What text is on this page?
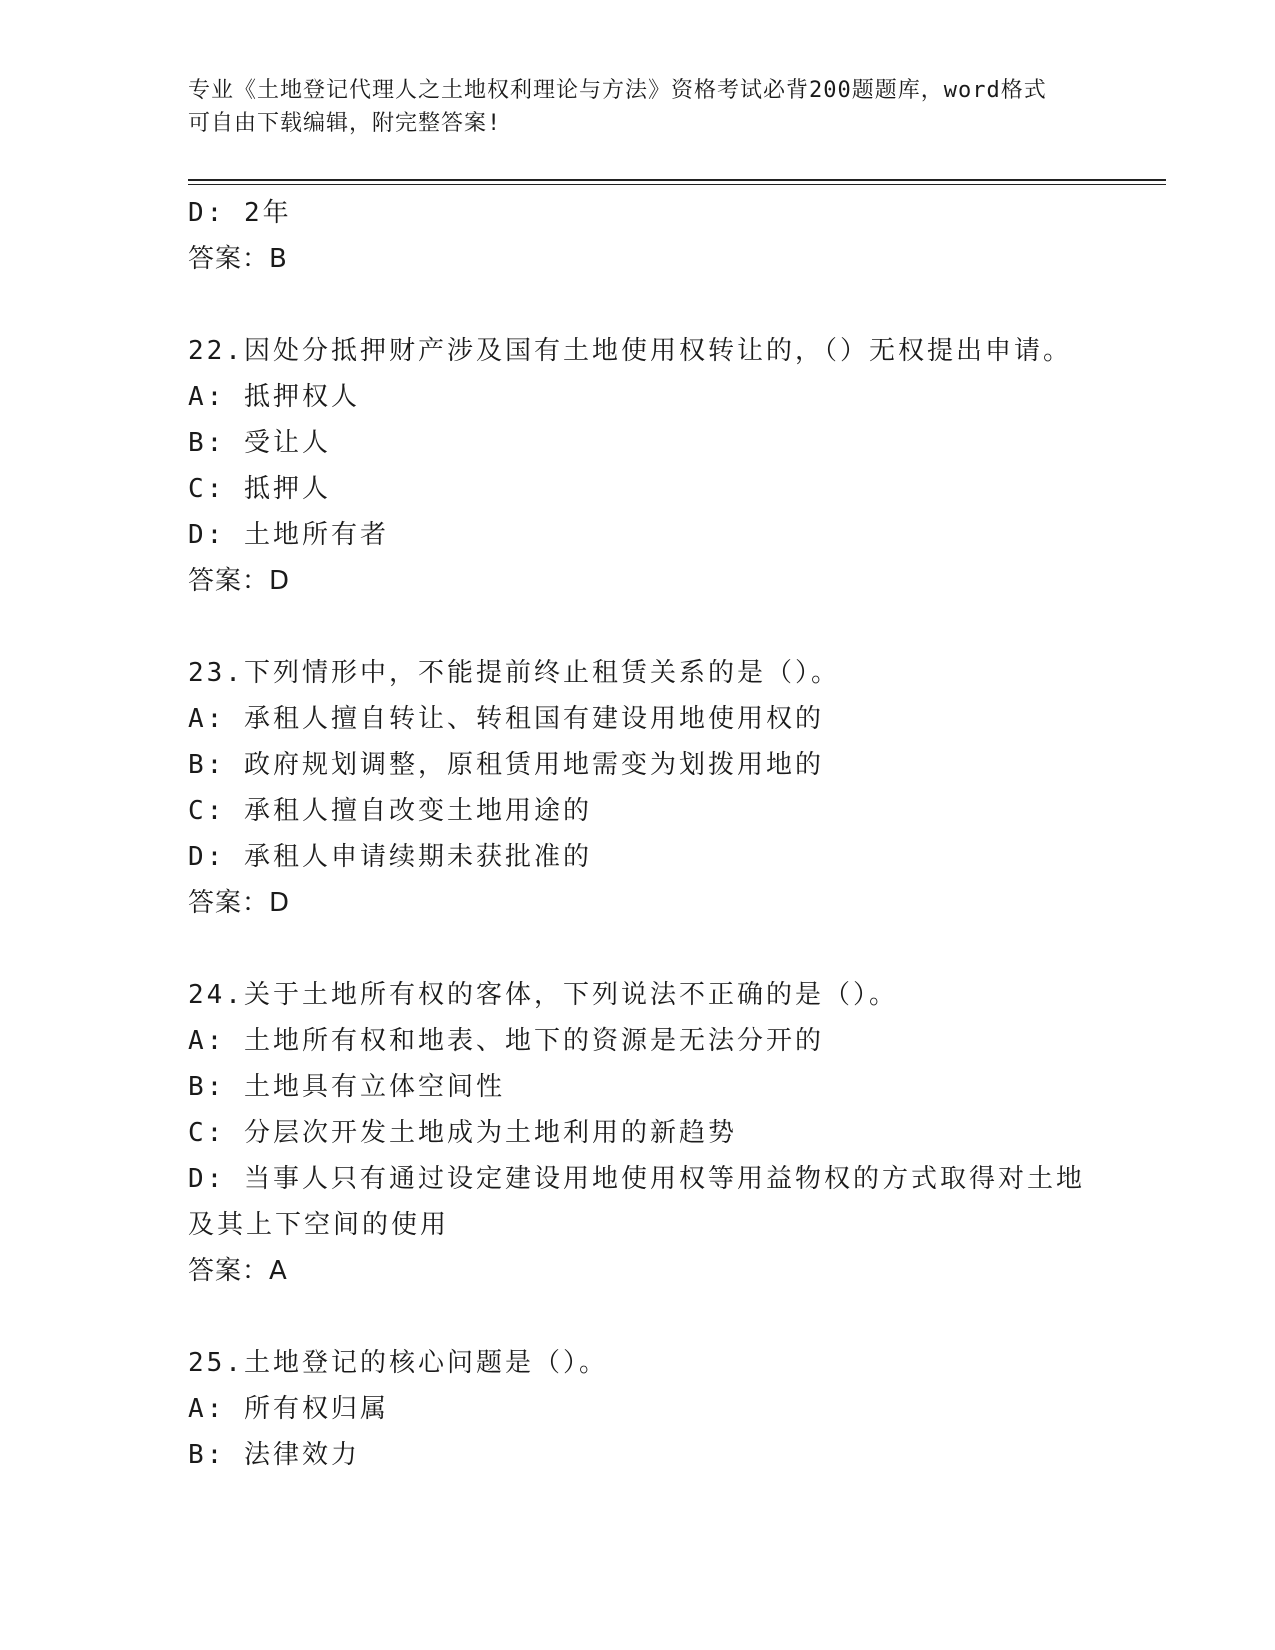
专业《土地登记代理人之土地权利理论与方法》资格考试必背200题题库，word格式可自由下载编辑，附完整答案!
D: 2年
答案：B
22.因处分抵押财产涉及国有土地使用权转让的，（）无权提出申请。
A: 抵押权人
B: 受让人
C: 抵押人
D: 土地所有者
答案：D
23.下列情形中，不能提前终止租赁关系的是（）。
A: 承租人擅自转让、转租国有建设用地使用权的
B: 政府规划调整，原租赁用地需变为划拨用地的
C: 承租人擅自改变土地用途的
D: 承租人申请续期未获批准的
答案：D
24.关于土地所有权的客体，下列说法不正确的是（）。
A: 土地所有权和地表、地下的资源是无法分开的
B: 土地具有立体空间性
C: 分层次开发土地成为土地利用的新趋势
D: 当事人只有通过设定建设用地使用权等用益物权的方式取得对土地及其上下空间的使用
答案：A
25.土地登记的核心问题是（）。
A: 所有权归属
B: 法律效力
